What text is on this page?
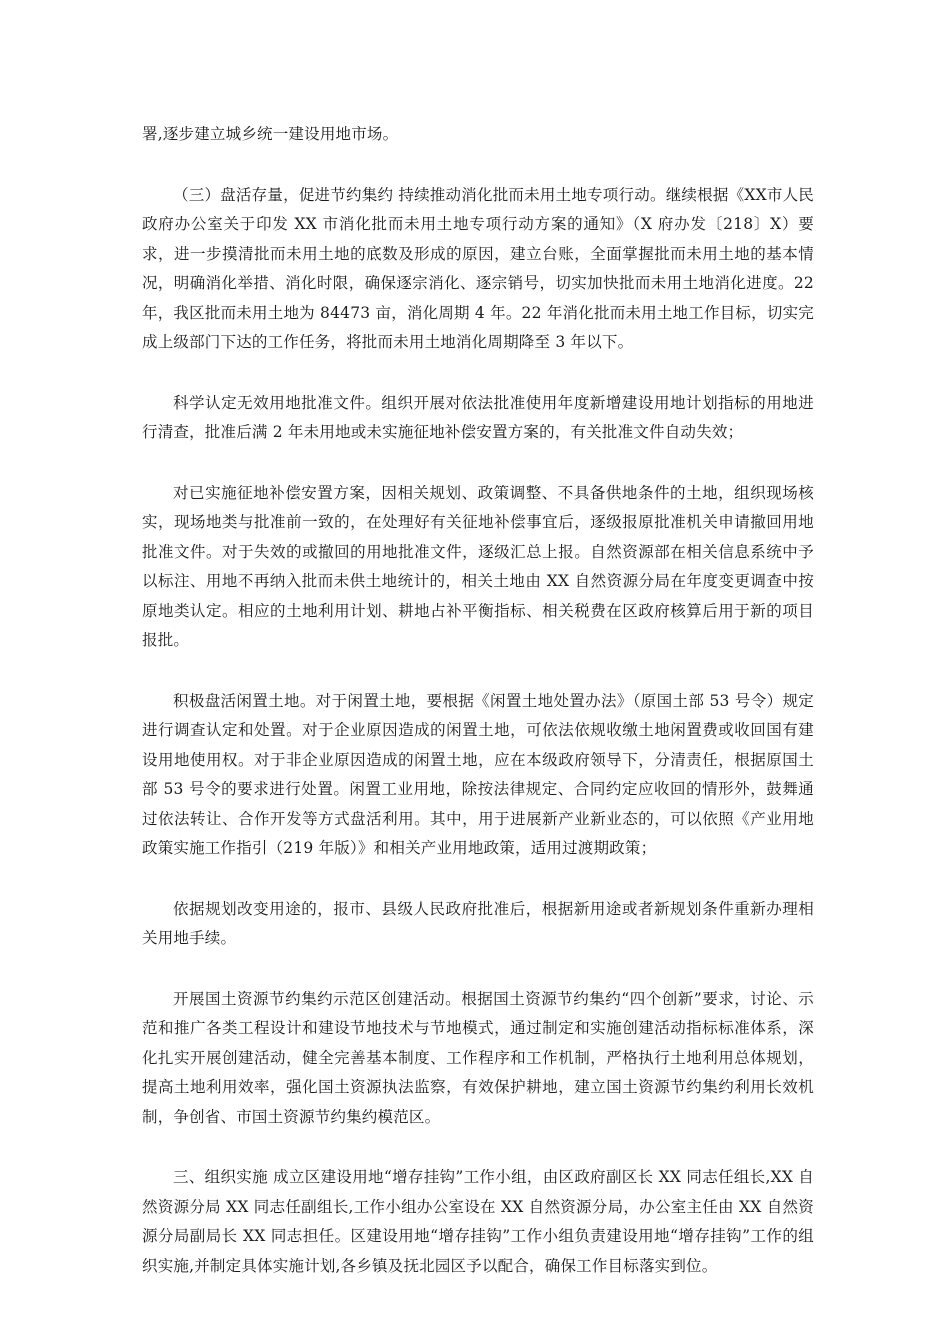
署,逐步建立城乡统一建设用地市场。

（三）盘活存量，促进节约集约 持续推动消化批而未用土地专项行动。继续根据《XX市人民政府办公室关于印发 XX 市消化批而未用土地专项行动方案的通知》（X 府办发〔218〕X）要求，进一步摸清批而未用土地的底数及形成的原因，建立台账，全面掌握批而未用土地的基本情况，明确消化举措、消化时限，确保逐宗消化、逐宗销号，切实加快批而未用土地消化进度。22 年，我区批而未用土地为 84473 亩，消化周期 4 年。22 年消化批而未用土地工作目标，切实完成上级部门下达的工作任务，将批而未用土地消化周期降至 3 年以下。

科学认定无效用地批准文件。组织开展对依法批准使用年度新增建设用地计划指标的用地进行清查，批准后满 2 年未用地或未实施征地补偿安置方案的，有关批准文件自动失效；

对已实施征地补偿安置方案，因相关规划、政策调整、不具备供地条件的土地，组织现场核实，现场地类与批准前一致的，在处理好有关征地补偿事宜后，逐级报原批准机关申请撤回用地批准文件。对于失效的或撤回的用地批准文件，逐级汇总上报。自然资源部在相关信息系统中予以标注、用地不再纳入批而未供土地统计的，相关土地由 XX 自然资源分局在年度变更调查中按原地类认定。相应的土地利用计划、耕地占补平衡指标、相关税费在区政府核算后用于新的项目报批。

积极盘活闲置土地。对于闲置土地，要根据《闲置土地处置办法》（原国土部 53 号令）规定进行调查认定和处置。对于企业原因造成的闲置土地，可依法依规收缴土地闲置费或收回国有建设用地使用权。对于非企业原因造成的闲置土地，应在本级政府领导下，分清责任，根据原国土部 53 号令的要求进行处置。闲置工业用地，除按法律规定、合同约定应收回的情形外，鼓舞通过依法转让、合作开发等方式盘活利用。其中，用于进展新产业新业态的，可以依照《产业用地政策实施工作指引（219 年版）》和相关产业用地政策，适用过渡期政策；

依据规划改变用途的，报市、县级人民政府批准后，根据新用途或者新规划条件重新办理相关用地手续。

开展国土资源节约集约示范区创建活动。根据国土资源节约集约“四个创新”要求，讨论、示范和推广各类工程设计和建设节地技术与节地模式，通过制定和实施创建活动指标标准体系，深化扎实开展创建活动，健全完善基本制度、工作程序和工作机制，严格执行土地利用总体规划，提高土地利用效率，强化国土资源执法监察，有效保护耕地，建立国土资源节约集约利用长效机制，争创省、市国土资源节约集约模范区。

三、组织实施 成立区建设用地“增存挂钩”工作小组，由区政府副区长 XX 同志任组长,XX 自然资源分局 XX 同志任副组长,工作小组办公室设在 XX 自然资源分局，办公室主任由 XX 自然资源分局副局长 XX 同志担任。区建设用地“增存挂钩”工作小组负责建设用地“增存挂钩”工作的组织实施,并制定具体实施计划,各乡镇及抚北园区予以配合，确保工作目标落实到位。
